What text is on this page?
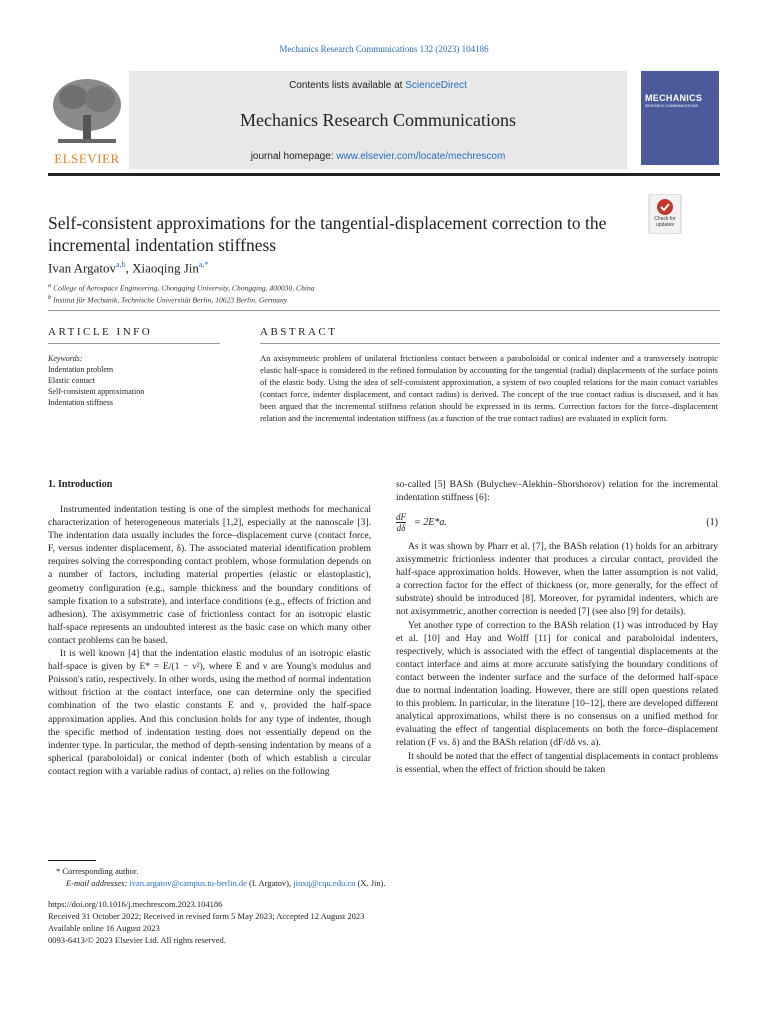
Mechanics Research Communications 132 (2023) 104186
ELSEVIER
Contents lists available at ScienceDirect
Mechanics Research Communications
journal homepage: www.elsevier.com/locate/mechrescom
MECHANICS
RESEARCH COMMUNICATIONS
Check for updates
Self-consistent approximations for the tangential-displacement correction to the incremental indentation stiffness
Ivan Argatov$^{a,b}$, Xiaoqing Jin$^{a,*}$
$^a$ College of Aerospace Engineering, Chongqing University, Chongqing, 400030, China
$^b$ Institut für Mechanik, Technische Universität Berlin, 10623 Berlin, Germany
ARTICLE INFO	ABSTRACT
Keywords:
Indentation problem
Elastic contact
Self-consistent approximation
Indentation stiffness
An axisymmetric problem of unilateral frictionless contact between a paraboloidal or conical indenter and a transversely isotropic elastic half-space is considered in the refined formulation by accounting for the tangential (radial) displacements of the surface points of the elastic body. Using the idea of self-consistent approximation, a system of two coupled relations for the main contact variables (contact force, indenter displacement, and contact radius) is derived. The concept of the true contact radius is discussed, and it has been argued that the incremental stiffness relation should be expressed in its terms. Correction factors for the force–displacement relation and the incremental indentation stiffness (as a function of the true contact radius) are evaluated in explicit form.
1. Introduction

Instrumented indentation testing is one of the simplest methods for mechanical characterization of heterogeneous materials [1,2], especially at the nanoscale [3]. The indentation data usually includes the force–displacement curve (contact force, F, versus indenter displacement, δ). The associated material identification problem requires solving the corresponding contact problem, whose formulation depends on a number of factors, including material properties (elastic or elastoplastic), geometry configuration (e.g., sample thickness and the boundary conditions of sample fixation to a substrate), and interface conditions (e.g., effects of friction and adhesion). The axisymmetric case of frictionless contact for an isotropic elastic half-space represents an undoubted interest as the basic case on which many other contact problems can be based.

It is well known [4] that the indentation elastic modulus of an isotropic elastic half-space is given by E* = E/(1 − ν²), where E and ν are Young's modulus and Poisson's ratio, respectively. In other words, using the method of normal indentation without friction at the contact interface, one can determine only the specified combination of the two elastic constants E and ν, provided the half-space approximation applies. And this conclusion holds for any type of indenter, though the specific method of indentation testing does not essentially depend on the indenter type. In particular, the method of depth-sensing indentation by means of a spherical (paraboloidal) or conical indenter (both of which establish a circular contact region with a variable radius of contact, a) relies on the following

so-called [5] BASh (Bulychev–Alekhin–Shorshorov) relation for the incremental indentation stiffness [6]:

$\frac{dF}{d\delta} = 2E*a$.	(1)

As it was shown by Pharr et al. [7], the BASh relation (1) holds for an arbitrary axisymmetric frictionless indenter that produces a circular contact, provided the half-space approximation holds. However, when the latter assumption is not valid, a correction factor for the effect of thickness (or, more generally, for the effect of substrate) should be introduced [8]. Moreover, for pyramidal indenters, which are not axisymmetric, another correction is needed [7] (see also [9] for details).

Yet another type of correction to the BASh relation (1) was introduced by Hay et al. [10] and Hay and Wolff [11] for conical and paraboloidal indenters, respectively, which is associated with the effect of tangential displacements at the contact interface and aims at more accurate satisfying the boundary conditions of contact between the indenter surface and the surface of the deformed half-space due to normal indentation loading. However, there are still open questions related to this problem. In particular, in the literature [10–12], there are developed different analytical approximations, whilst there is no consensus on a unified method for evaluating the effect of tangential displacements on both the force–displacement relation (F vs. δ) and the BASh relation (dF/dδ vs. a).

It should be noted that the effect of tangential displacements in contact problems is essential, when the effect of friction should be taken

* Corresponding author.
E-mail addresses: ivan.argatov@campus.tu-berlin.de (I. Argatov), jinxq@cqu.edu.cn (X. Jin).
https://doi.org/10.1016/j.mechrescom.2023.104186
Received 31 October 2022; Received in revised form 5 May 2023; Accepted 12 August 2023
Available online 16 August 2023
0093-6413/© 2023 Elsevier Ltd. All rights reserved.
